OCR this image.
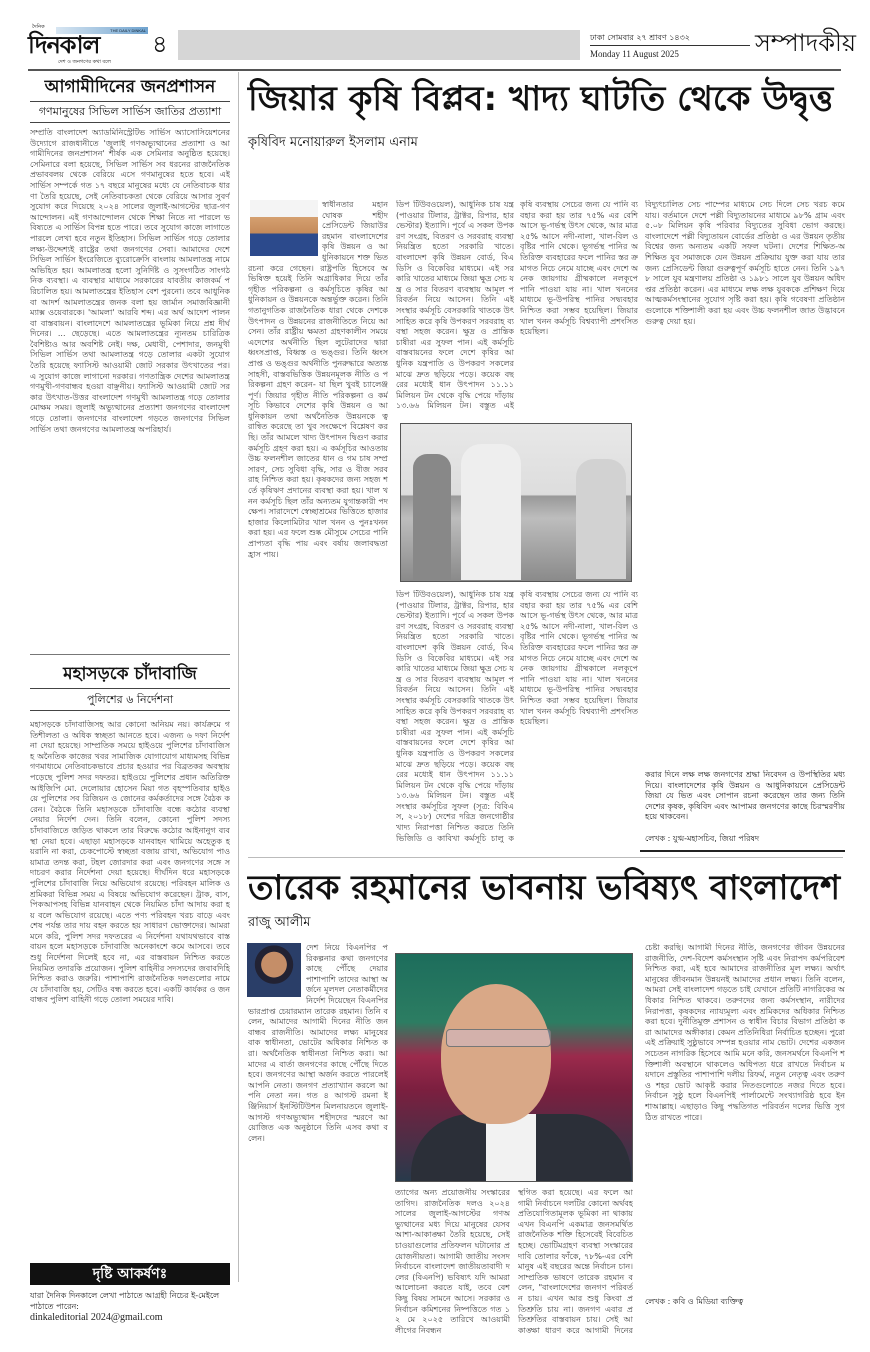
THE DAILY DINKAL
দৈনিক
দিনকাল
দেশ ও জনগণের কথা বলে
৪	ঢাকা সোমবার ২৭ শ্রাবণ ১৪৩২
Monday 11 August 2025	সম্পাদকীয়
আগামীদিনের জনপ্রশাসন
গণমানুষের সিভিল সার্ভিস জাতির প্রত্যাশা
সম্প্রতি বাংলাদেশ অ্যাডমিনিস্ট্রেটিভ সার্ভিস অ্যাসোসিয়েশনের উদ্যোগে রাজধানীতে 'জুলাই গণঅভ্যুত্থানের প্রত্যাশা ও আগামীদিনের জনপ্রশাসন' শীর্ষক এক সেমিনার অনুষ্ঠিত হয়েছে। সেমিনারে বলা হয়েছে, সিভিল সার্ভিস সব ধরনের রাজনৈতিক প্রভাববলয় থেকে বেরিয়ে এসে গণমানুষের হতে হবে। এই সার্ভিস সম্পর্কে গত ১৭ বছরে মানুষের মধ্যে যে নেতিবাচক ধারণা তৈরি হয়েছে, সেই নেতিবাচকতা থেকে বেরিয়ে আসার সুবর্ণ সুযোগ করে দিয়েছে ২০২৪ সালের জুলাই-আগস্টের ছাত্র-গণআন্দোলন। এই গণআন্দোলন থেকে শিক্ষা নিতে না পারলে ভবিষ্যতে এ সার্ভিস বিপন্ন হতে পারে। তবে সুযোগ কাজে লাগাতে পারলে লেখা হবে নতুন ইতিহাস। সিভিল সার্ভিস গড়ে তোলার লক্ষ্য-উদ্দেশ্যই রাষ্ট্রের তথা জনগণের সেবা। আমাদের দেশে সিভিল সার্ভিস ইংরেজিতে ব্যুরোক্রেসি বাংলায় আমলাতন্ত্র নামে অভিহিত হয়। আমলাতন্ত্র হলো সুনির্দিষ্ট ও সুসংগঠিত সাংগঠনিক ব্যবস্থা। এ ব্যবস্থার মাধ্যমে সরকারের যাবতীয় কাজকর্ম পরিচালিত হয়। আমলাতন্ত্রের ইতিহাস বেশ পুরনো। তবে আধুনিক বা আদর্শ আমলাতন্ত্রের জনক বলা হয় জার্মান সমাজবিজ্ঞানী ম্যাক্স ওয়েবারকে। 'আমলা' আরবি শব্দ। এর অর্থ আদেশ পালন বা বাস্তবায়ন। বাংলাদেশে আমলাতন্ত্রের ভূমিকা নিয়ে প্রশ্ন দীর্ঘদিনের। ... ছেড়েছে। এতে আমলাতন্ত্রের ন্যূনতম চারিত্রিক বৈশিষ্ট্যও আর অবশিষ্ট নেই। দক্ষ, মেধাবী, পেশাদার, জনমুখী সিভিল সার্ভিস তথা আমলাতন্ত্র গড়ে তোলার একটা সুযোগ তৈরি হয়েছে ফ্যাসিস্ট আওয়ামী জোট সরকার উৎখাতের পর। এ সুযোগ কাজে লাগানো দরকার। গণতান্ত্রিক দেশের আমলাতন্ত্র গণমুখী-গণবান্ধব হওয়া বাঞ্ছনীয়। ফ্যাসিস্ট আওয়ামী জোট সরকার উৎখাত-উত্তর বাংলাদেশ গণমুখী আমলাতন্ত্র গড়ে তোলার মোক্ষম সময়। জুলাই অভ্যুত্থানের প্রত্যাশা জনগণের বাংলাদেশ গড়ে তোলা। জনগণের বাংলাদেশ গড়তে জনগণের সিভিল সার্ভিস তথা জনগণের আমলাতন্ত্র অপরিহার্য।
মহাসড়কে চাঁদাবাজি
পুলিশের ৬ নির্দেশনা
মহাসড়কে চাঁদাবাজিসহ আর কোনো অনিয়ম নয়। কার্যক্রমে গতিশীলতা ও অধিক স্বচ্ছতা আনতে হবে। এজন্য ৬ দফা নির্দেশনা দেয়া হয়েছে। সাম্প্রতিক সময়ে হাইওয়ে পুলিশের চাঁদাবাজিসহ অনৈতিক কাজের খবর সামাজিক যোগাযোগ মাধ্যমসহ বিভিন্ন গণমাধ্যমে নেতিবাচকভাবে প্রচার হওয়ার পর বিব্রতকর অবস্থায় পড়েছে পুলিশ সদর দফতর। হাইওয়ে পুলিশের প্রধান অতিরিক্ত আইজিপি মো. দেলোয়ার হোসেন মিয়া গত বৃহস্পতিবার হাইওয়ে পুলিশের সব রিজিয়ন ও জোনের কর্মকর্তাদের সঙ্গে বৈঠক করেন। বৈঠকে তিনি মহাসড়কে চাঁদাবাজি বন্ধে কঠোর ব্যবস্থা নেয়ার নির্দেশ দেন। তিনি বলেন, কোনো পুলিশ সদস্য চাঁদাবাজিতে জড়িত থাকলে তার বিরুদ্ধে কঠোর আইনানুগ ব্যবস্থা নেয়া হবে। এছাড়া মহাসড়কে যানবাহন থামিয়ে অহেতুক হয়রানি না করা, চেকপোস্টে স্বচ্ছতা বজায় রাখা, অভিযোগ পাওয়ামাত্র তদন্ত করা, টহল জোরদার করা এবং জনগণের সঙ্গে সদাচরণ করার নির্দেশনা দেয়া হয়েছে। দীর্ঘদিন ধরে মহাসড়কে পুলিশের চাঁদাবাজি নিয়ে অভিযোগ রয়েছে। পরিবহন মালিক ও শ্রমিকরা বিভিন্ন সময় এ বিষয়ে অভিযোগ করেছেন। ট্রাক, বাস, পিকআপসহ বিভিন্ন যানবাহন থেকে নিয়মিত চাঁদা আদায় করা হয় বলে অভিযোগ রয়েছে। এতে পণ্য পরিবহন খরচ বাড়ে এবং শেষ পর্যন্ত তার দায় বহন করতে হয় সাধারণ ভোক্তাদের। আমরা মনে করি, পুলিশ সদর দফতরের এ নির্দেশনা যথাযথভাবে বাস্তবায়ন হলে মহাসড়কে চাঁদাবাজি অনেকাংশে কমে আসবে। তবে শুধু নির্দেশনা দিলেই হবে না, এর বাস্তবায়ন নিশ্চিত করতে নিয়মিত তদারকি প্রয়োজন। পুলিশ বাহিনীর সদস্যদের জবাবদিহি নিশ্চিত করাও জরুরি। পাশাপাশি রাজনৈতিক দলগুলোর নামে যে চাঁদাবাজি হয়, সেটিও বন্ধ করতে হবে। একটি কার্যকর ও জনবান্ধব পুলিশ বাহিনী গড়ে তোলা সময়ের দাবি।
দৃষ্টি আকর্ষণঃ
যারা দৈনিক দিনকালে লেখা পাঠাতে আগ্রহী নিচের ই-মেইলে পাঠাতে পারেন:
dinkaleditorial 2024@gmail.com
জিয়ার কৃষি বিপ্লব: খাদ্য ঘাটতি থেকে উদ্বৃত্ত
কৃষিবিদ মনোয়ারুল ইসলাম এনাম
স্বাধীনতার মহান ঘোষক শহীদ প্রেসিডেন্ট জিয়াউর রহমান বাংলাদেশের কৃষি উন্নয়ন ও আধুনিকায়নে শক্ত ভিত রচনা করে গেছেন। রাষ্ট্রপতি হিসেবে অভিষিক্ত হয়েই তিনি অগ্রাধিকার দিয়ে তাঁর গৃহীত পরিকল্পনা ও কর্মসূচিতে কৃষির আধুনিকায়ন ও উন্নয়নকে অন্তর্ভুক্ত করেন। তিনি গতানুগতিক রাজনৈতিক ধারা থেকে দেশকে উৎপাদন ও উন্নয়নের রাজনীতিতে নিয়ে আসেন। তাঁর রাষ্ট্রীয় ক্ষমতা গ্রহণকালীন সময়ে এদেশের অর্থনীতি ছিল লুটেরাদের দ্বারা ধ্বংসপ্রাপ্ত, বিধ্বস্ত ও ভঙ্গুর। তিনি ধ্বংসপ্রাপ্ত ও ভঙ্গুর অর্থনীতি পুনরুদ্ধারে অত্যন্ত সাহসী, বাস্তবভিত্তিক উন্নয়নমূলক নীতি ও পরিকল্পনা গ্রহণ করেন- যা ছিল খুবই চ্যালেঞ্জপূর্ণ। জিয়ার গৃহীত নীতি পরিকল্পনা ও কর্মসূচি কিভাবে দেশের কৃষি উন্নয়ন ও আধুনিকায়ন তথা অর্থনৈতিক উন্নয়নকে ত্বরান্বিত করেছে তা খুব সংক্ষেপে বিশ্লেষণ করছি। তাঁর আমলে খাদ্য উৎপাদন দ্বিগুণ করার কর্মসূচি গ্রহণ করা হয়। এ কর্মসূচির আওতায় উচ্চ ফলনশীল জাতের ধান ও গম চাষ সম্প্রসারণ, সেচ সুবিধা বৃদ্ধি, সার ও বীজ সরবরাহ নিশ্চিত করা হয়। কৃষকদের জন্য সহজ শর্তে কৃষিঋণ প্রদানের ব্যবস্থা করা হয়। খাল খনন কর্মসূচি ছিল তাঁর অন্যতম যুগান্তকারী পদক্ষেপ। সারাদেশে স্বেচ্ছাশ্রমের ভিত্তিতে হাজার হাজার কিলোমিটার খাল খনন ও পুনঃখনন করা হয়। এর ফলে শুষ্ক মৌসুমে সেচের পানি প্রাপ্যতা বৃদ্ধি পায় এবং বর্ষায় জলাবদ্ধতা হ্রাস পায়।
ডিপ টিউবওয়েল), আধুনিক চাষ যন্ত্র (পাওয়ার টিলার, ট্রাক্টর, রিপার, হারভেস্টার) ইত্যাদি। পূর্বে এ সকল উপকরণ সংগ্রহ, বিতরণ ও সরবরাহ ব্যবস্থা নিয়ন্ত্রিত হতো সরকারি খাতে। বাংলাদেশ কৃষি উন্নয়ন বোর্ড, বিএডিসি ও বিকেবির মাধ্যমে। এই সরকারি খাতের মাধ্যমে জিয়া ক্ষুদ্র সেচ যন্ত্র ও সার বিতরণ ব্যবস্থায় আমূল পরিবর্তন নিয়ে আসেন। তিনি এই সংস্থার কর্মসূচি বেসরকারি খাতকে উৎসাহিত করে কৃষি উপকরণ সরবরাহ ব্যবস্থা সহজ করেন। ক্ষুদ্র ও প্রান্তিক চাষীরা এর সুফল পান। এই কর্মসূচি বাস্তবায়নের ফলে দেশে কৃষির আধুনিক যন্ত্রপাতি ও উপকরণ সকলের মাঝে দ্রুত ছড়িয়ে পড়ে। কয়েক বছরের মধ্যেই ধান উৎপাদন ১১.১১ মিলিয়ন টন থেকে বৃদ্ধি পেয়ে দাঁড়ায় ১৩.৬৬ মিলিয়ন টন। বস্তুত এই
কৃষি ব্যবস্থায় সেচের জন্য যে পানি ব্যবহার করা হয় তার ৭৫% এর বেশি আসে ভূ-গর্ভস্থ উৎস থেকে, আর মাত্র ২৫% আসে নদী-নালা, খাল-বিল ও বৃষ্টির পানি থেকে। ভূগর্ভস্থ পানির অতিরিক্ত ব্যবহারের ফলে পানির স্তর ক্রমাগত নিচে নেমে যাচ্ছে এবং দেশে অনেক জায়গায় গ্রীষ্মকালে নলকূপে পানি পাওয়া যায় না। খাল খননের মাধ্যমে ভূ-উপরিস্থ পানির সদ্ব্যবহার নিশ্চিত করা সম্ভব হয়েছিল। জিয়ার খাল খনন কর্মসূচি বিশ্বব্যাপী প্রশংসিত হয়েছিল।
ডিপ টিউবওয়েল), আধুনিক চাষ যন্ত্র (পাওয়ার টিলার, ট্রাক্টর, রিপার, হারভেস্টার) ইত্যাদি। পূর্বে এ সকল উপকরণ সংগ্রহ, বিতরণ ও সরবরাহ ব্যবস্থা নিয়ন্ত্রিত হতো সরকারি খাতে। বাংলাদেশ কৃষি উন্নয়ন বোর্ড, বিএডিসি ও বিকেবির মাধ্যমে। এই সরকারি খাতের মাধ্যমে জিয়া ক্ষুদ্র সেচ যন্ত্র ও সার বিতরণ ব্যবস্থায় আমূল পরিবর্তন নিয়ে আসেন। তিনি এই সংস্থার কর্মসূচি বেসরকারি খাতকে উৎসাহিত করে কৃষি উপকরণ সরবরাহ ব্যবস্থা সহজ করেন। ক্ষুদ্র ও প্রান্তিক চাষীরা এর সুফল পান। এই কর্মসূচি বাস্তবায়নের ফলে দেশে কৃষির আধুনিক যন্ত্রপাতি ও উপকরণ সকলের মাঝে দ্রুত ছড়িয়ে পড়ে। কয়েক বছরের মধ্যেই ধান উৎপাদন ১১.১১ মিলিয়ন টন থেকে বৃদ্ধি পেয়ে দাঁড়ায় ১৩.৬৬ মিলিয়ন টন। বস্তুত এই সংস্থার কর্মসূচির সুফল (সূত্র: বিবিএস, ২০১৮) দেশের দরিদ্র জনগোষ্ঠীর খাদ্য নিরাপত্তা নিশ্চিত করতে তিনি ভিজিডি ও কাবিখা কর্মসূচি চালু ক
কৃষি ব্যবস্থায় সেচের জন্য যে পানি ব্যবহার করা হয় তার ৭৫% এর বেশি আসে ভূ-গর্ভস্থ উৎস থেকে, আর মাত্র ২৫% আসে নদী-নালা, খাল-বিল ও বৃষ্টির পানি থেকে। ভূগর্ভস্থ পানির অতিরিক্ত ব্যবহারের ফলে পানির স্তর ক্রমাগত নিচে নেমে যাচ্ছে এবং দেশে অনেক জায়গায় গ্রীষ্মকালে নলকূপে পানি পাওয়া যায় না। খাল খননের মাধ্যমে ভূ-উপরিস্থ পানির সদ্ব্যবহার নিশ্চিত করা সম্ভব হয়েছিল। জিয়ার খাল খনন কর্মসূচি বিশ্বব্যাপী প্রশংসিত হয়েছিল।
বিদ্যুৎচালিত সেচ পাম্পের মাধ্যমে সেচ দিলে সেচ খরচ কমে যায়। বর্তমানে দেশে পল্লী বিদ্যুতায়নের মাধ্যমে ৯৮% গ্রাম এবং ৫.০৮ মিলিয়ন কৃষি পরিবার বিদ্যুতের সুবিধা ভোগ করছে। বাংলাদেশে পল্লী বিদ্যুতায়ন বোর্ডের প্রতিষ্ঠা ও এর উন্নয়ন তৃতীয় বিশ্বের জন্য অন্যতম একটি সফল ঘটনা। দেশের শিক্ষিত-অশিক্ষিত যুব সমাজকে যেন উন্নয়ন প্রক্রিয়ায় যুক্ত করা যায় তার জন্য প্রেসিডেন্ট জিয়া গুরুত্বপূর্ণ কর্মসূচি হাতে নেন। তিনি ১৯৭৮ সালে যুব মন্ত্রণালয় প্রতিষ্ঠা ও ১৯৮১ সালে যুব উন্নয়ন অধিদপ্তর প্রতিষ্ঠা করেন। এর মাধ্যমে লক্ষ লক্ষ যুবককে প্রশিক্ষণ দিয়ে আত্মকর্মসংস্থানের সুযোগ সৃষ্টি করা হয়। কৃষি গবেষণা প্রতিষ্ঠানগুলোকে শক্তিশালী করা হয় এবং উচ্চ ফলনশীল জাত উদ্ভাবনে গুরুত্ব দেয়া হয়।
করার দিনে লক্ষ লক্ষ জনগণের শ্রদ্ধা নিবেদন ও উপস্থিতির মধ্য দিয়ে। বাংলাদেশের কৃষি উন্নয়ন ও আধুনিকায়নে প্রেসিডেন্ট জিয়া যে ভিত এবং সোপান রচনা করেছেন তার জন্য তিনি দেশের কৃষক, কৃষিবিদ এবং আপামর জনগণের কাছে চিরস্মরণীয় হয়ে থাকবেন।
লেখক : যুগ্ম-মহাসচিব, জিয়া পরিষদ
তারেক রহমানের ভাবনায় ভবিষ্যৎ বাংলাদেশ
রাজু আলীম
দেশ নিয়ে বিএনপির পরিকল্পনার কথা জনগণের কাছে পৌঁছে দেয়ার পাশাপাশি তাদের আস্থা অর্জনে মূলদল নেতাকর্মীদের নির্দেশ দিয়েছেন বিএনপির ভারপ্রাপ্ত চেয়ারম্যান তারেক রহমান। তিনি বলেন, আমাদের আগামী দিনের নীতি জনবান্ধব রাজনীতি। আমাদের লক্ষ্য মানুষের বাক স্বাধীনতা, ভোটের অধিকার নিশ্চিত করা। অর্থনৈতিক স্বাধীনতা নিশ্চিত করা। আমাদের এ বার্তা জনগণের কাছে পৌঁছে দিতে হবে। জনগণের আস্থা অর্জন করতে পারলেই আপনি নেতা। জনগণ প্রত্যাখ্যান করলে আপনি নেতা নন। গত ৪ আগস্ট রমনা ইঞ্জিনিয়ার্স ইনস্টিটিউশন মিলনায়তনে জুলাই-আগস্ট গণঅভ্যুত্থান শহীদদের স্মরণে আয়োজিত এক অনুষ্ঠানে তিনি এসব কথা বলেন।
ত্যাগের অন্য প্রয়োজনীয় সংস্কারের তাগিদ। রাজনৈতিক দলও ২০২৪ সালের জুলাই-আগস্টের গণঅভ্যুত্থানের মধ্য দিয়ে মানুষের যেসব আশা-আকাঙ্ক্ষা তৈরি হয়েছে, সেই চাওয়াগুলোর প্রতিফলন ঘটানোর প্রয়োজনীয়তা। আগামী জাতীয় সংসদ নির্বাচনে বাংলাদেশ জাতীয়তাবাদী দলের (বিএনপি) ভবিষ্যৎ যদি আমরা আলোচনা করতে যাই, তবে বেশ কিছু বিষয় সামনে আসে। সরকার ও নির্বাচন কমিশনের নিষ্পত্তিতে গত ১২ মে ২০২৫ তারিখে আওয়ামী লীগের নিবন্ধন
স্থগিত করা হয়েছে। এর ফলে আগামী নির্বাচনে দলটির কোনো অর্থবহ প্রতিযোগিতামূলক ভূমিকা না থাকায় এখন বিএনপি একমাত্র জনসমর্থিত রাজনৈতিক শক্তি হিসেবেই বিবেচিত হচ্ছে। ভোটিমগ্রহণ ব্যবস্থা সংস্কারের দাবি তোলার ফাঁকে, ৭৮%-এর বেশি মানুষ এই বছরের অন্তে নির্বাচন চান। সাম্প্রতিক ভাষণে তারেক রহমান বলেন, "বাংলাদেশের জনগণ পরিবর্তন চায়। এখন আর শুধু কিংবা প্রতিশ্রুতি চায় না। জনগণ এবার প্রতিশ্রুতির বাস্তবায়ন চায়। সেই আকাঙ্ক্ষা ধারণ করে আগামী দিনের
চেষ্টা করছি। আগামী দিনের নীতি, জনগণের জীবন উন্নয়নের রাজনীতি, দেশ-বিদেশ কর্মসংস্থান সৃষ্টি এবং নিরাপদ কর্মপরিবেশ নিশ্চিত করা, এই হবে আমাদের রাজনীতির মূল লক্ষ্য। অর্থাৎ মানুষের জীবনমান উন্নয়নই আমাদের প্রধান লক্ষ্য। তিনি বলেন, আমরা সেই বাংলাদেশ গড়তে চাই যেখানে প্রতিটি নাগরিকের অধিকার নিশ্চিত থাকবে। তরুণদের জন্য কর্মসংস্থান, নারীদের নিরাপত্তা, কৃষকদের ন্যায্যমূল্য এবং শ্রমিকদের অধিকার নিশ্চিত করা হবে। দুর্নীতিমুক্ত প্রশাসন ও স্বাধীন বিচার বিভাগ প্রতিষ্ঠা করা আমাদের অঙ্গীকার। কেমন প্রতিনিধিরা নির্বাচিত হচ্ছেন। পুরো এই প্রক্রিয়াই সুষ্ঠুভাবে সম্পন্ন হওয়ার নাম ভোট। দেশের একজন সচেতন নাগরিক হিসেবে আমি মনে করি, জনসমর্থনে বিএনপি শক্তিশালী অবস্থানে থাকলেও অধিপত্য ধরে রাখতে নির্বাচন ময়দানে প্রস্তুতির পাশাপাশি দলীয় রিফর্ম, নতুন নেতৃত্ব এবং তরুণ ও শহর ভোট আকৃষ্ট করার নিতগুলোতে নজর দিতে হবে। নির্বাচন সুষ্ঠু হলে বিএনপিই পার্লামেন্টে সংখ্যাগরিষ্ঠ হবে ইনশাআল্লাহ। এছাড়াও কিছু পদ্ধতিগত পরিবর্তন দলের ভিত্তি সুগঠিত রাখতে পারে।
লেখক : কবি ও মিডিয়া ব্যক্তিত্ব
